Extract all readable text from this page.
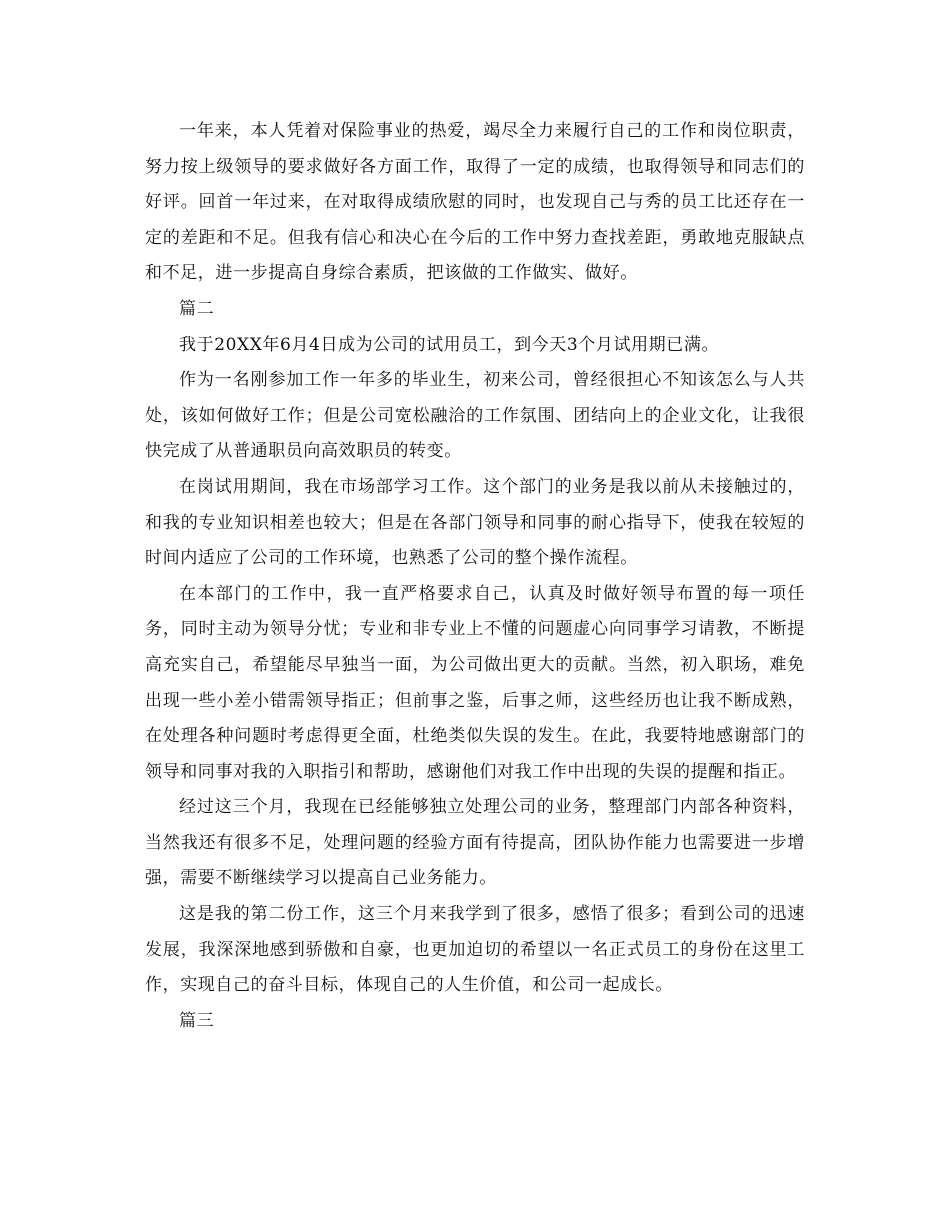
一年来，本人凭着对保险事业的热爱，竭尽全力来履行自己的工作和岗位职责，努力按上级领导的要求做好各方面工作，取得了一定的成绩，也取得领导和同志们的好评。回首一年过来，在对取得成绩欣慰的同时，也发现自己与秀的员工比还存在一定的差距和不足。但我有信心和决心在今后的工作中努力查找差距，勇敢地克服缺点和不足，进一步提高自身综合素质，把该做的工作做实、做好。

篇二

我于20XX年6月4日成为公司的试用员工，到今天3个月试用期已满。

作为一名刚参加工作一年多的毕业生，初来公司，曾经很担心不知该怎么与人共处，该如何做好工作；但是公司宽松融洽的工作氛围、团结向上的企业文化，让我很快完成了从普通职员向高效职员的转变。

在岗试用期间，我在市场部学习工作。这个部门的业务是我以前从未接触过的，和我的专业知识相差也较大；但是在各部门领导和同事的耐心指导下，使我在较短的时间内适应了公司的工作环境，也熟悉了公司的整个操作流程。

在本部门的工作中，我一直严格要求自己，认真及时做好领导布置的每一项任务，同时主动为领导分忧；专业和非专业上不懂的问题虚心向同事学习请教，不断提高充实自己，希望能尽早独当一面，为公司做出更大的贡献。当然，初入职场，难免出现一些小差小错需领导指正；但前事之鉴，后事之师，这些经历也让我不断成熟，在处理各种问题时考虑得更全面，杜绝类似失误的发生。在此，我要特地感谢部门的领导和同事对我的入职指引和帮助，感谢他们对我工作中出现的失误的提醒和指正。

经过这三个月，我现在已经能够独立处理公司的业务，整理部门内部各种资料，当然我还有很多不足，处理问题的经验方面有待提高，团队协作能力也需要进一步增强，需要不断继续学习以提高自己业务能力。

这是我的第二份工作，这三个月来我学到了很多，感悟了很多；看到公司的迅速发展，我深深地感到骄傲和自豪，也更加迫切的希望以一名正式员工的身份在这里工作，实现自己的奋斗目标，体现自己的人生价值，和公司一起成长。

篇三
